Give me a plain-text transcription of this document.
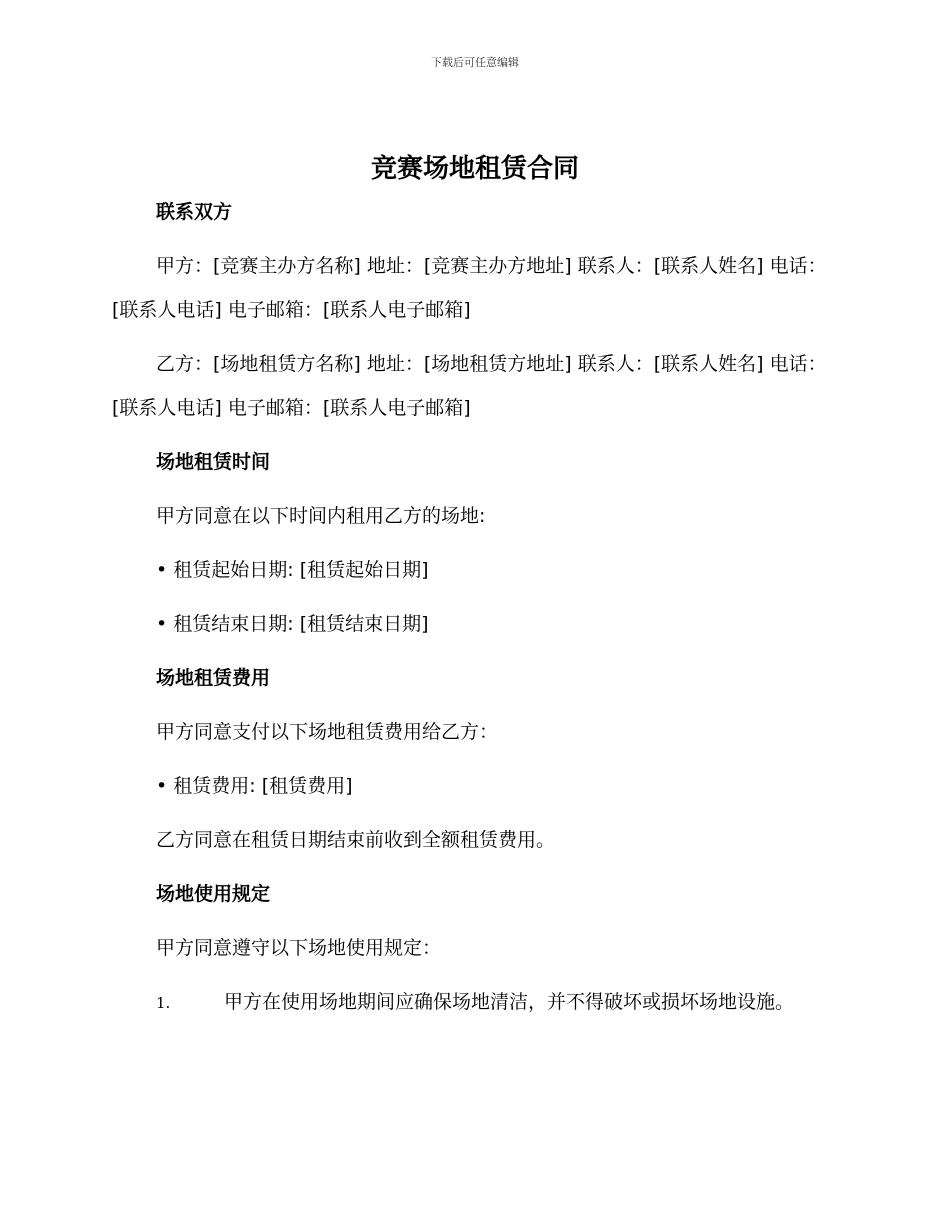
下载后可任意编辑
竞赛场地租赁合同

联系双方

甲方：[竞赛主办方名称] 地址：[竞赛主办方地址] 联系人：[联系人姓名] 电话：[联系人电话] 电子邮箱：[联系人电子邮箱]

乙方：[场地租赁方名称] 地址：[场地租赁方地址] 联系人：[联系人姓名] 电话：[联系人电话] 电子邮箱：[联系人电子邮箱]

场地租赁时间

甲方同意在以下时间内租用乙方的场地:

• 租赁起始日期: [租赁起始日期]

• 租赁结束日期: [租赁结束日期]

场地租赁费用

甲方同意支付以下场地租赁费用给乙方：

• 租赁费用: [租赁费用]

乙方同意在租赁日期结束前收到全额租赁费用。

场地使用规定

甲方同意遵守以下场地使用规定：

1.	甲方在使用场地期间应确保场地清洁，并不得破坏或损坏场地设施。
